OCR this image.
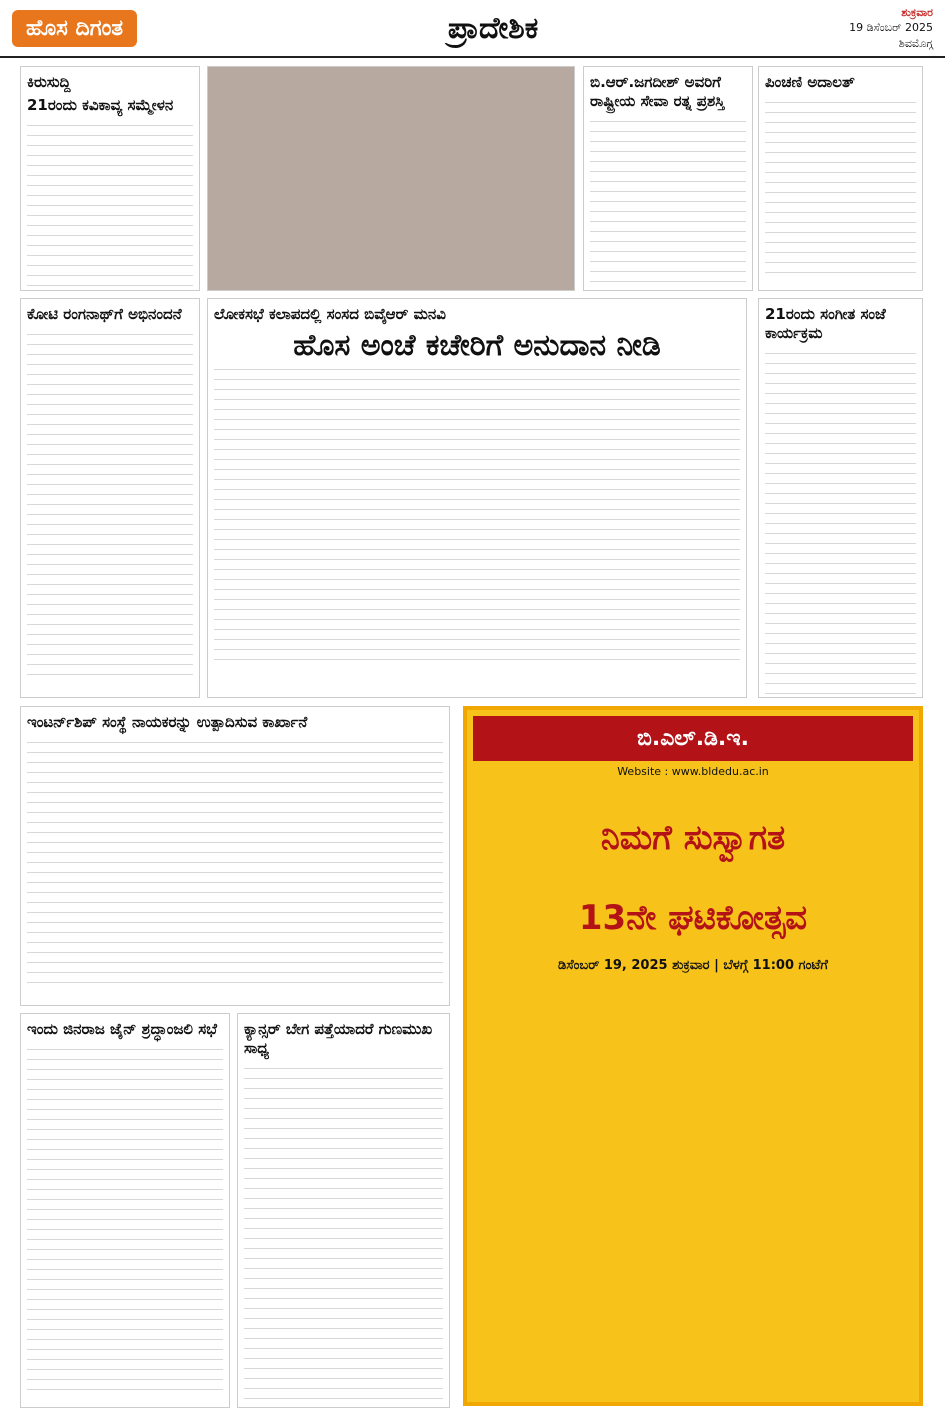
ಹೊಸ ದಿಗಂತ	ಪ್ರಾದೇಶಿಕ	ಶುಕ್ರವಾರ
19 ಡಿಸೆಂಬರ್ 2025
ಶಿವಮೊಗ್ಗ
ಕಿರುಸುದ್ದಿ
21ರಂದು ಕವಿಕಾವ್ಯ ಸಮ್ಮೇಳನ
ಬಿ.ಆರ್.ಜಗದೀಶ್ ಅವರಿಗೆ ರಾಷ್ಟ್ರೀಯ ಸೇವಾ ರತ್ನ ಪ್ರಶಸ್ತಿ
ಪಿಂಚಣಿ ಅದಾಲತ್
ಲೋಕಸಭೆ ಕಲಾಪದಲ್ಲಿ ಸಂಸದ ಬಿವೈಆರ್ ಮನವಿ
ಹೊಸ ಅಂಚೆ ಕಚೇರಿಗೆ ಅನುದಾನ ನೀಡಿ
21ರಂದು ಸಂಗೀತ ಸಂಜೆ ಕಾರ್ಯಕ್ರಮ
ಕೋಟಿ ರಂಗನಾಥ್‌ಗೆ ಅಭಿನಂದನೆ
ಇಂಟರ್ನ್‌ಶಿಪ್ ಸಂಸ್ಥೆ ನಾಯಕರನ್ನು ಉತ್ಪಾದಿಸುವ ಕಾರ್ಖಾನೆ
ಇಂದು ಜಿನರಾಜ ಜೈನ್ ಶ್ರದ್ಧಾಂಜಲಿ ಸಭೆ	ಕ್ಯಾನ್ಸರ್ ಬೇಗ ಪತ್ತೆಯಾದರೆ ಗುಣಮುಖ ಸಾಧ್ಯ
ಬಿ.ಎಲ್.ಡಿ.ಇ.
Website : www.bldedu.ac.in
ನಿಮಗೆ ಸುಸ್ವಾಗತ
13ನೇ ಘಟಿಕೋತ್ಸವ
ಡಿಸೆಂಬರ್ 19, 2025 ಶುಕ್ರವಾರ | ಬೆಳಗ್ಗೆ 11:00 ಗಂಟೆಗೆ
